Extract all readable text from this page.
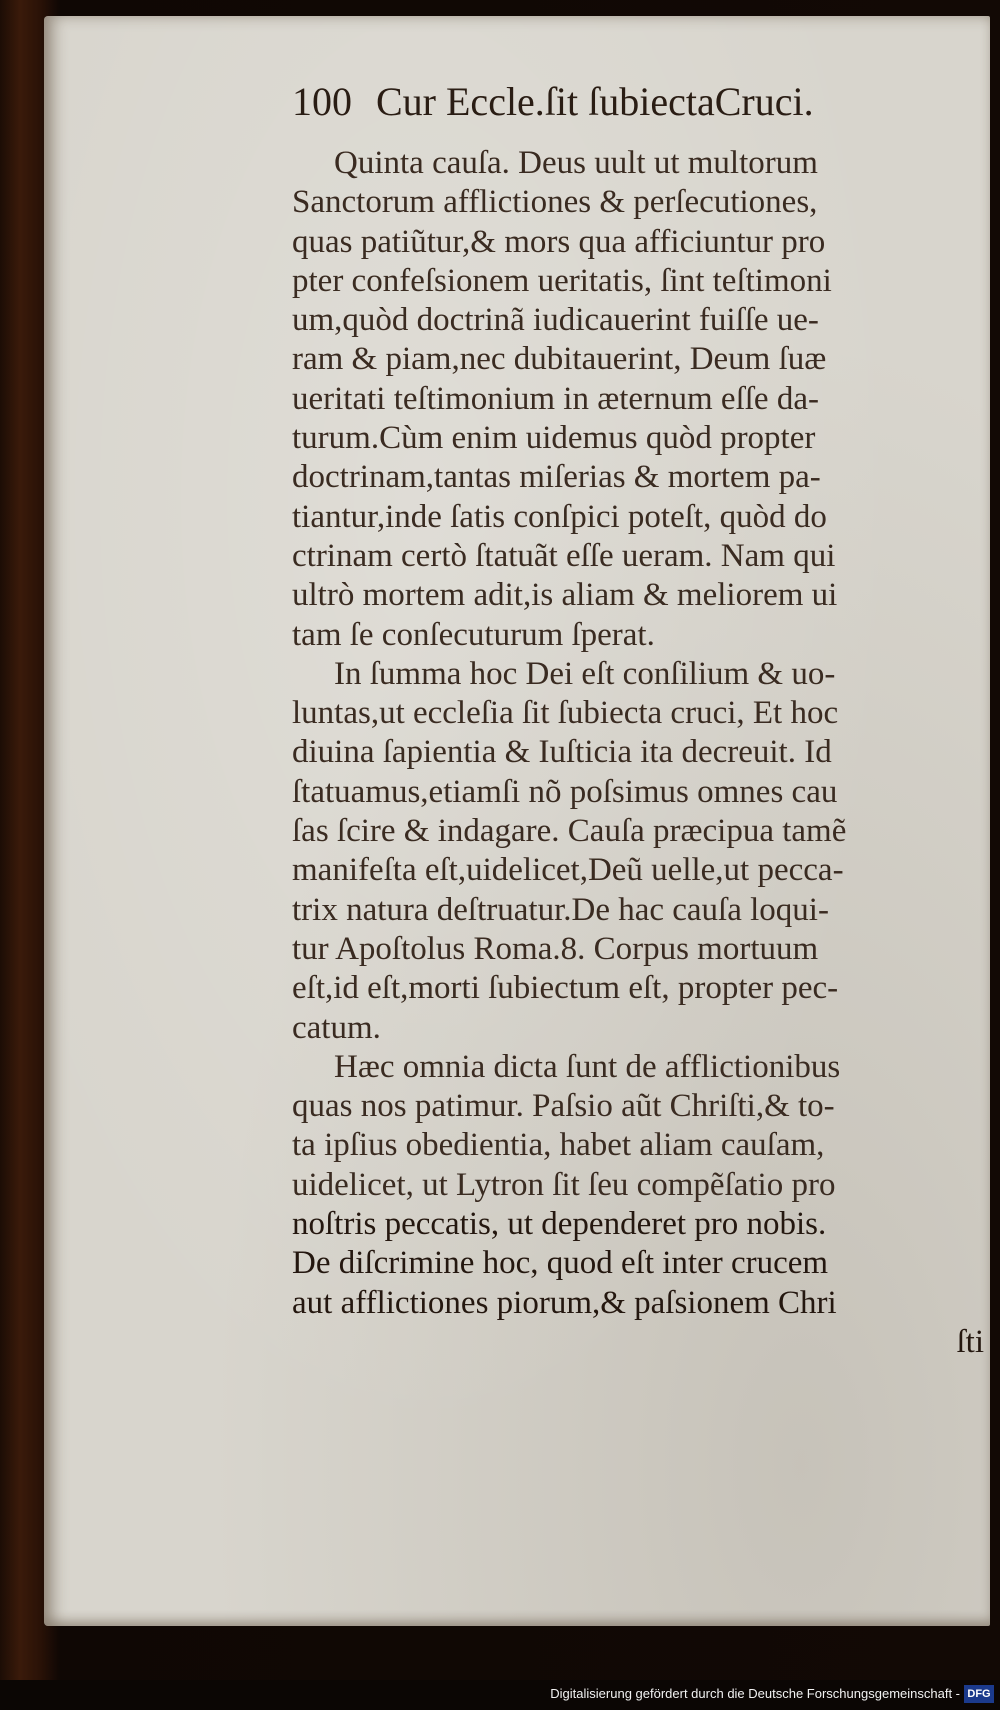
100 Cur Eccle.ſit ſubiectaCruci.
Quinta cauſa. Deus uult ut multorum
Sanctorum afflictiones & perſecutiones,
quas patiũtur,& mors qua afficiuntur pro
pter confeſsionem ueritatis, ſint teſtimoni
um,quòd doctrinã iudicauerint fuiſſe ue-
ram & piam,nec dubitauerint, Deum ſuæ
ueritati teſtimonium in æternum eſſe da-
turum.Cùm enim uidemus quòd propter
doctrinam,tantas miſerias & mortem pa-
tiantur,inde ſatis conſpici poteſt, quòd do
ctrinam certò ſtatuãt eſſe ueram. Nam qui
ultrò mortem adit,is aliam & meliorem ui
tam ſe conſecuturum ſperat.
In ſumma hoc Dei eſt conſilium & uo-
luntas,ut eccleſia ſit ſubiecta cruci, Et hoc
diuina ſapientia & Iuſticia ita decreuit. Id
ſtatuamus,etiamſi nõ poſsimus omnes cau
ſas ſcire & indagare. Cauſa præcipua tamẽ
manifeſta eſt,uidelicet,Deũ uelle,ut pecca-
trix natura deſtruatur.De hac cauſa loqui-
tur Apoſtolus Roma.8. Corpus mortuum
eſt,id eſt,morti ſubiectum eſt, propter pec-
catum.
Hæc omnia dicta ſunt de afflictionibus
quas nos patimur. Paſsio aũt Chriſti,& to-
ta ipſius obedientia, habet aliam cauſam,
uidelicet, ut Lytron ſit ſeu compẽſatio pro
noſtris peccatis, ut dependeret pro nobis.
De diſcrimine hoc, quod eſt inter crucem
aut afflictiones piorum,& paſsionem Chri
ſti
Digitalisierung gefördert durch die Deutsche Forschungsgemeinschaft - DFG
